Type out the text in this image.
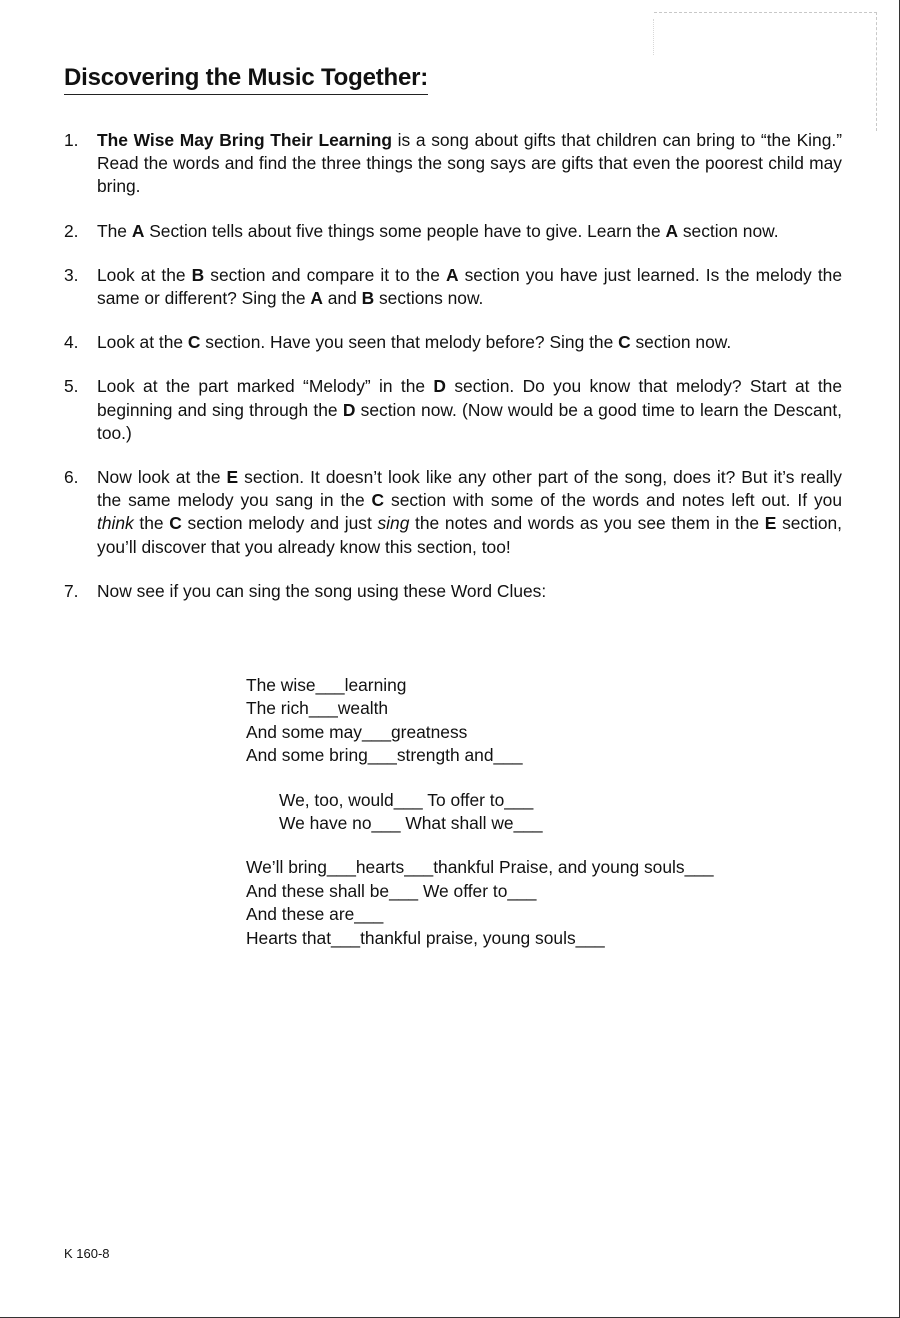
Discovering the Music Together:
1. The Wise May Bring Their Learning is a song about gifts that children can bring to “the King.” Read the words and find the three things the song says are gifts that even the poorest child may bring.
2. The A Section tells about five things some people have to give. Learn the A section now.
3. Look at the B section and compare it to the A section you have just learned. Is the melody the same or different? Sing the A and B sections now.
4. Look at the C section. Have you seen that melody before? Sing the C section now.
5. Look at the part marked “Melody” in the D section. Do you know that melody? Start at the beginning and sing through the D section now. (Now would be a good time to learn the Descant, too.)
6. Now look at the E section. It doesn’t look like any other part of the song, does it? But it’s really the same melody you sang in the C section with some of the words and notes left out. If you think the C section melody and just sing the notes and words as you see them in the E section, you’ll discover that you already know this section, too!
7. Now see if you can sing the song using these Word Clues:
The wise___learning
The rich___wealth
And some may___greatness
And some bring___strength and___
We, too, would___ To offer to___
We have no___ What shall we___
We’ll bring___hearts___thankful Praise, and young souls___
And these shall be___ We offer to___
And these are___
Hearts that___thankful praise, young souls___
K 160-8
